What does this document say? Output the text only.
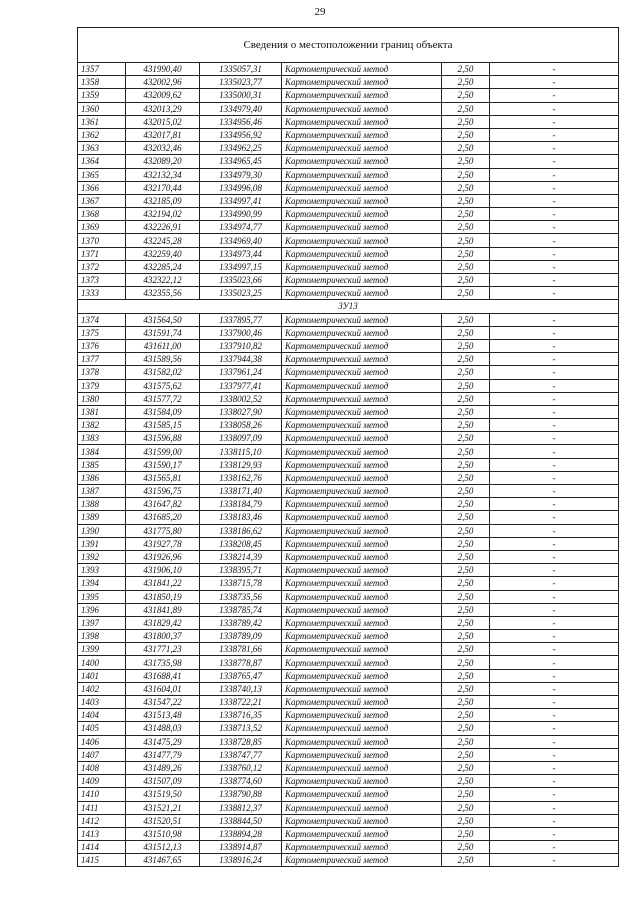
29
Сведения о местоположении границ объекта					
1357	431990,40	1335057,31	Картометрический метод	2,50	-
1358	432002,96	1335023,77	Картометрический метод	2,50	-
1359	432009,62	1335000,31	Картометрический метод	2,50	-
1360	432013,29	1334979,40	Картометрический метод	2,50	-
1361	432015,02	1334956,46	Картометрический метод	2,50	-
1362	432017,81	1334956,92	Картометрический метод	2,50	-
1363	432032,46	1334962,25	Картометрический метод	2,50	-
1364	432089,20	1334965,45	Картометрический метод	2,50	-
1365	432132,34	1334979,30	Картометрический метод	2,50	-
1366	432170,44	1334996,08	Картометрический метод	2,50	-
1367	432185,09	1334997,41	Картометрический метод	2,50	-
1368	432194,02	1334990,99	Картометрический метод	2,50	-
1369	432226,91	1334974,77	Картометрический метод	2,50	-
1370	432245,28	1334969,40	Картометрический метод	2,50	-
1371	432259,40	1334973,44	Картометрический метод	2,50	-
1372	432285,24	1334997,15	Картометрический метод	2,50	-
1373	432322,12	1335023,66	Картометрический метод	2,50	-
1333	432355,56	1335023,25	Картометрический метод	2,50	-
ЗУ13					
1374	431564,50	1337895,77	Картометрический метод	2,50	-
1375	431591,74	1337900,46	Картометрический метод	2,50	-
1376	431611,00	1337910,82	Картометрический метод	2,50	-
1377	431589,56	1337944,38	Картометрический метод	2,50	-
1378	431582,02	1337961,24	Картометрический метод	2,50	-
1379	431575,62	1337977,41	Картометрический метод	2,50	-
1380	431577,72	1338002,52	Картометрический метод	2,50	-
1381	431584,09	1338027,90	Картометрический метод	2,50	-
1382	431585,15	1338058,26	Картометрический метод	2,50	-
1383	431596,88	1338097,09	Картометрический метод	2,50	-
1384	431599,00	1338115,10	Картометрический метод	2,50	-
1385	431590,17	1338129,93	Картометрический метод	2,50	-
1386	431565,81	1338162,76	Картометрический метод	2,50	-
1387	431596,75	1338171,40	Картометрический метод	2,50	-
1388	431647,82	1338184,79	Картометрический метод	2,50	-
1389	431685,20	1338183,46	Картометрический метод	2,50	-
1390	431775,80	1338186,62	Картометрический метод	2,50	-
1391	431927,78	1338208,45	Картометрический метод	2,50	-
1392	431926,96	1338214,39	Картометрический метод	2,50	-
1393	431906,10	1338395,71	Картометрический метод	2,50	-
1394	431841,22	1338715,78	Картометрический метод	2,50	-
1395	431850,19	1338735,56	Картометрический метод	2,50	-
1396	431841,89	1338785,74	Картометрический метод	2,50	-
1397	431829,42	1338789,42	Картометрический метод	2,50	-
1398	431800,37	1338789,09	Картометрический метод	2,50	-
1399	431771,23	1338781,66	Картометрический метод	2,50	-
1400	431735,98	1338778,87	Картометрический метод	2,50	-
1401	431688,41	1338765,47	Картометрический метод	2,50	-
1402	431604,01	1338740,13	Картометрический метод	2,50	-
1403	431547,22	1338722,21	Картометрический метод	2,50	-
1404	431513,48	1338716,35	Картометрический метод	2,50	-
1405	431488,03	1338713,52	Картометрический метод	2,50	-
1406	431475,29	1338728,85	Картометрический метод	2,50	-
1407	431477,79	1338747,77	Картометрический метод	2,50	-
1408	431489,26	1338760,12	Картометрический метод	2,50	-
1409	431507,09	1338774,60	Картометрический метод	2,50	-
1410	431519,50	1338790,88	Картометрический метод	2,50	-
1411	431521,21	1338812,37	Картометрический метод	2,50	-
1412	431520,51	1338844,50	Картометрический метод	2,50	-
1413	431510,98	1338894,28	Картометрический метод	2,50	-
1414	431512,13	1338914,87	Картометрический метод	2,50	-
1415	431467,65	1338916,24	Картометрический метод	2,50	-
